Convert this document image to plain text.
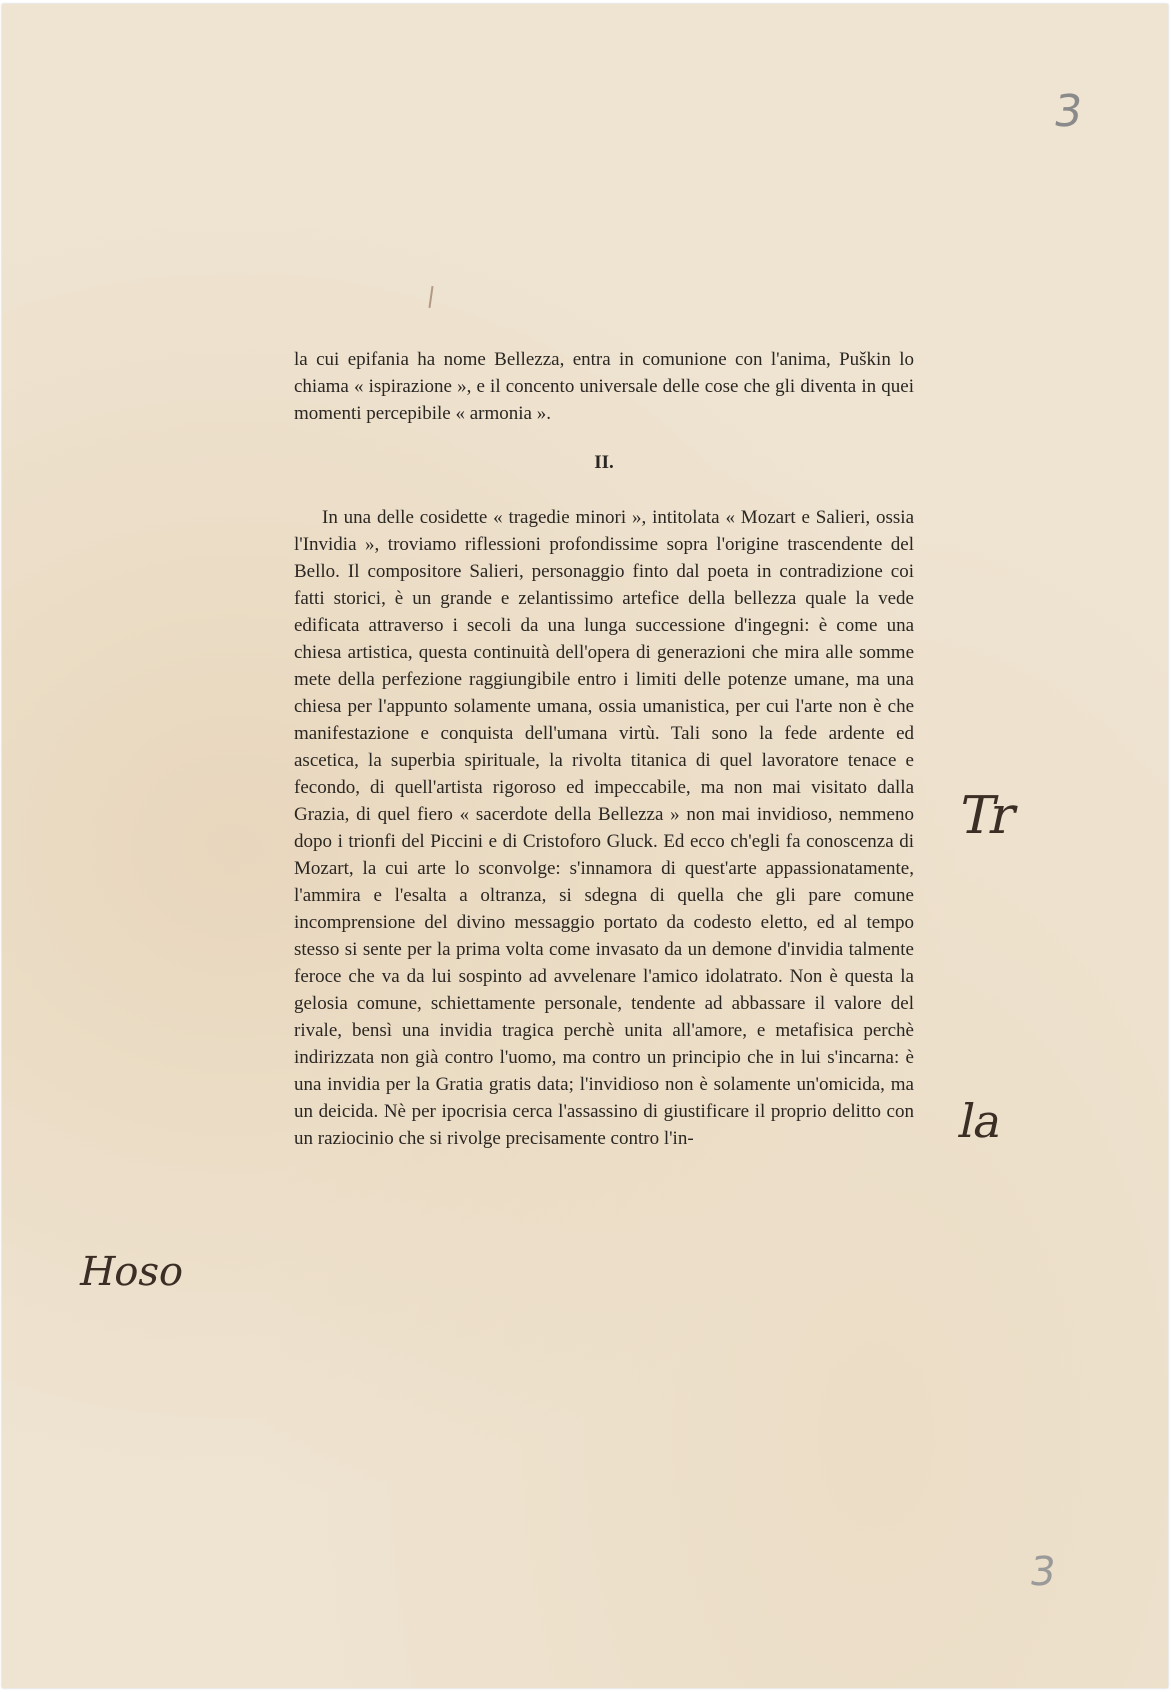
3

la cui epifania ha nome Bellezza, entra in comunione con l'anima, Puškin lo chiama « ispirazione », e il concento universale delle cose che gli diventa in quei momenti percepibile « armonia ».

II.

In una delle cosidette « tragedie minori », intitolata « Mozart e Salieri, ossia l'Invidia », troviamo riflessioni profondissime sopra l'origine trascendente del Bello. Il compositore Salieri, personaggio finto dal poeta in contradizione coi fatti storici, è un grande e zelantissimo artefice della bellezza quale la vede edificata attraverso i secoli da una lunga successione d'ingegni: è come una chiesa artistica, questa continuità dell'opera di generazioni che mira alle somme mete della perfezione raggiungibile entro i limiti delle potenze umane, ma una chiesa per l'appunto solamente umana, ossia umanistica, per cui l'arte non è che manifestazione e conquista dell'umana virtù. Tali sono la fede ardente ed ascetica, la superbia spirituale, la rivolta titanica di quel lavoratore tenace e fecondo, di quell'artista rigoroso ed impeccabile, ma non mai visitato dalla Grazia, di quel fiero « sacerdote della Bellezza » non mai invidioso, nemmeno dopo i trionfi del Piccini e di Cristoforo Gluck. Ed ecco ch'egli fa conoscenza di Mozart, la cui arte lo sconvolge: s'innamora di quest'arte appassionatamente, l'ammira e l'esalta a oltranza, si sdegna di quella che gli pare comune incomprensione del divino messaggio portato da codesto eletto, ed al tempo stesso si sente per la prima volta come invasato da un demone d'invidia talmente feroce che va da lui sospinto ad avvelenare l'amico idolatrato. Non è questa la gelosia comune, schiettamente personale, tendente ad abbassare il valore del rivale, bensì una invidia tragica perchè unita all'amore, e metafisica perchè indirizzata non già contro l'uomo, ma contro un principio che in lui s'incarna: è una invidia per la Gratia gratis data; l'invidioso non è solamente un'omicida, ma un deicida. Nè per ipocrisia cerca l'assassino di giustificare il proprio delitto con un raziocinio che si rivolge precisamente contro l'in-

Tr
la
Hoso
3
